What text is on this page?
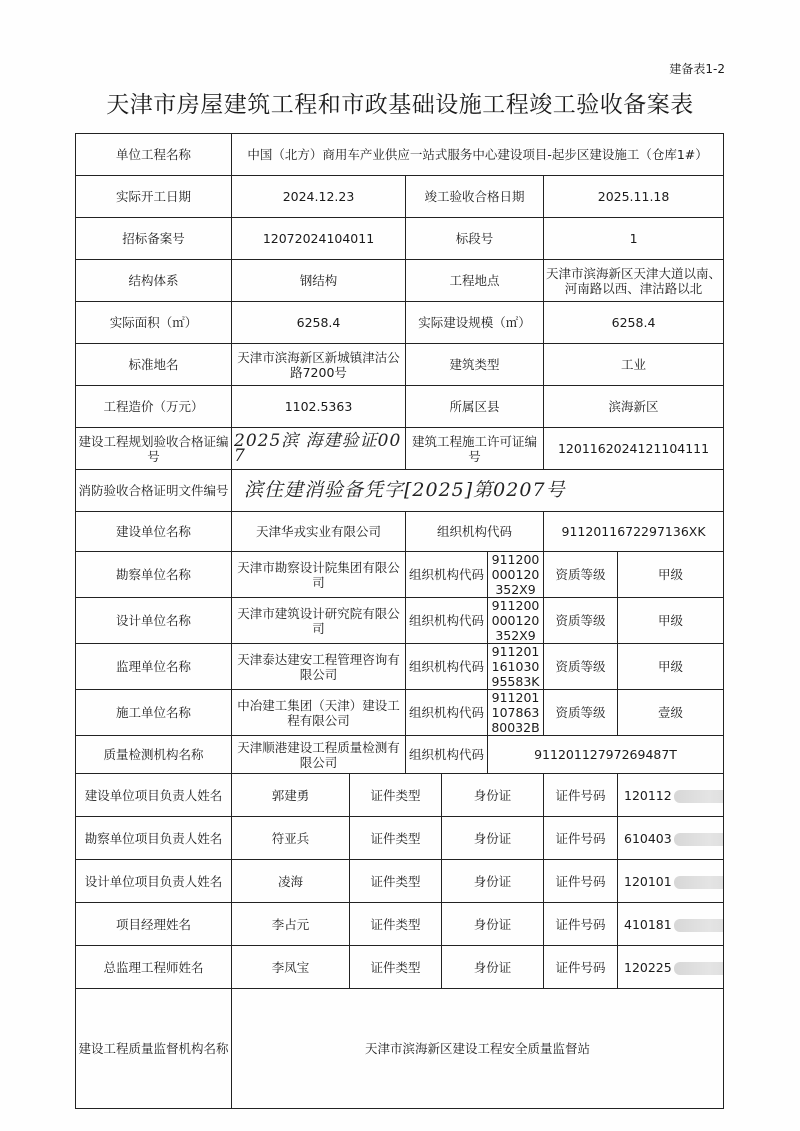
建备表1-2
天津市房屋建筑工程和市政基础设施工程竣工验收备案表
单位工程名称	中国（北方）商用车产业供应一站式服务中心建设项目-起步区建设施工（仓库1#）						
实际开工日期	2024.12.23		竣工验收合格日期			2025.11.18	
招标备案号	12072024104011		标段号			1	
结构体系	钢结构		工程地点			天津市滨海新区天津大道以南、河南路以西、津沽路以北	
实际面积（㎡）	6258.4		实际建设规模（㎡）			6258.4	
标准地名	天津市滨海新区新城镇津沽公路7200号		建筑类型			工业	
工程造价（万元）	1102.5363		所属区县			滨海新区	
建设工程规划验收合格证编号	2025滨 海建验证007		建筑工程施工许可证编号			1201162024121104111	
消防验收合格证明文件编号	滨住建消验备凭字[2025]第0207号						
建设单位名称	天津华戎实业有限公司		组织机构代码			91120116722971​36XK	
勘察单位名称	天津市勘察设计院集团有限公司		组织机构代码		911200000120352X9	资质等级	甲级
设计单位名称	天津市建筑设计研究院有限公司		组织机构代码		911200000120352X9	资质等级	甲级
监理单位名称	天津泰达建安工程管理咨询有限公司		组织机构代码		91120116103095583K	资质等级	甲级
施工单位名称	中冶建工集团（天津）建设工程有限公司		组织机构代码		9112011078638​0032B	资质等级	壹级
质量检测机构名称	天津顺港建设工程质量检测有限公司		组织机构代码		91120112797269487T		
建设单位项目负责人姓名	郭建勇	证件类型		身份证		证件号码	120112
勘察单位项目负责人姓名	符亚兵	证件类型		身份证		证件号码	610403
设计单位项目负责人姓名	凌海	证件类型		身份证		证件号码	120101
项目经理姓名	李占元	证件类型		身份证		证件号码	410181
总监理工程师姓名	李凤宝	证件类型		身份证		证件号码	120225
建设工程质量监督机构名称	天津市滨海新区建设工程安全质量监督站						
